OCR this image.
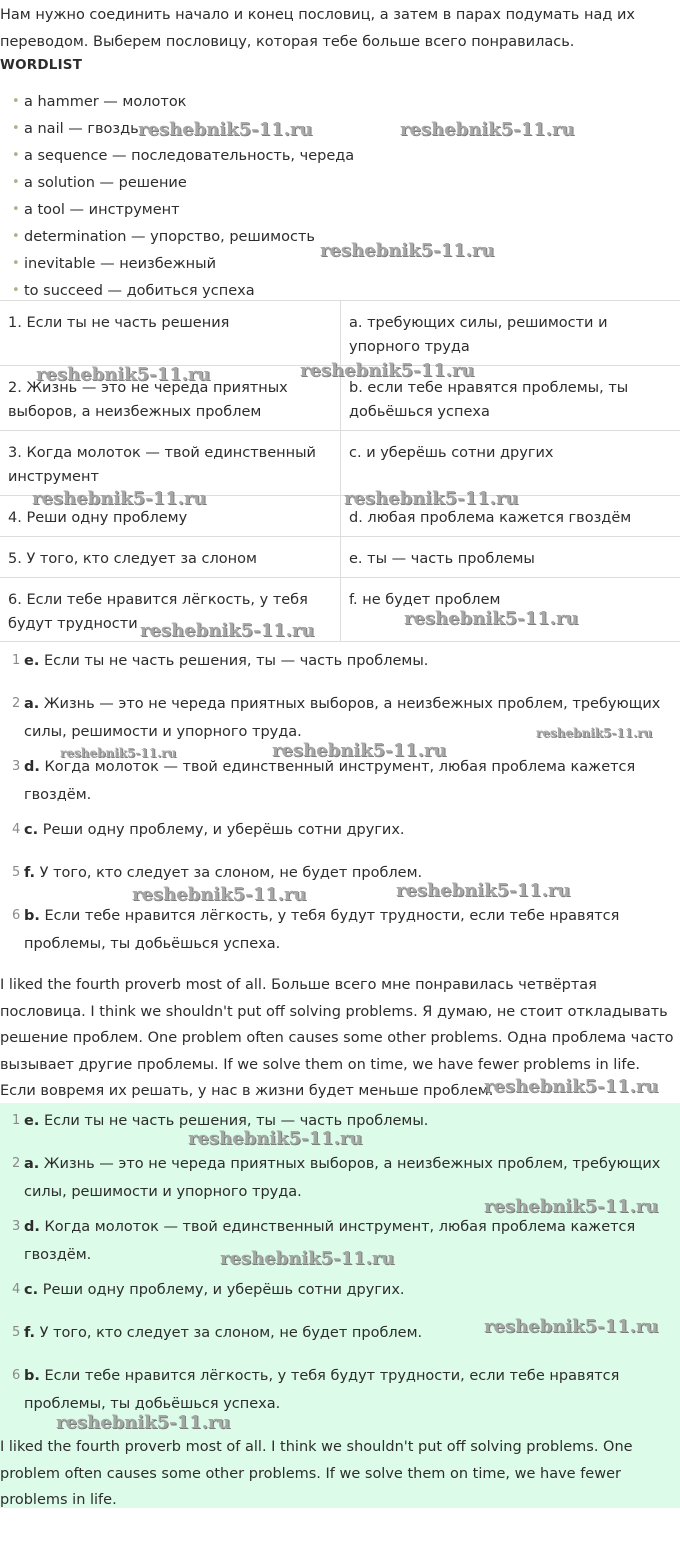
Нам нужно соединить начало и конец пословиц, а затем в парах подумать над их переводом. Выберем пословицу, которая тебе больше всего понравилась.

WORDLIST

• a hammer — молоток
• a nail — гвоздь
• a sequence — последовательность, череда
• a solution — решение
• a tool — инструмент
• determination — упорство, решимость
• inevitable — неизбежный
• to succeed — добиться успеха
1. Если ты не часть решения	a. требующих силы, решимости и упорного труда
2. Жизнь — это не череда приятных выборов, а неизбежных проблем	b. если тебе нравятся проблемы, ты добьёшься успеха
3. Когда молоток — твой единственный инструмент	c. и уберёшь сотни других
4. Реши одну проблему	d. любая проблема кажется гвоздём
5. У того, кто следует за слоном	e. ты — часть проблемы
6. Если тебе нравится лёгкость, у тебя будут трудности	f. не будет проблем
1 e. Если ты не часть решения, ты — часть проблемы.
2 a. Жизнь — это не череда приятных выборов, а неизбежных проблем, требующих силы, решимости и упорного труда.
3 d. Когда молоток — твой единственный инструмент, любая проблема кажется гвоздём.
4 c. Реши одну проблему, и уберёшь сотни других.
5 f. У того, кто следует за слоном, не будет проблем.
6 b. Если тебе нравится лёгкость, у тебя будут трудности, если тебе нравятся проблемы, ты добьёшься успеха.

I liked the fourth proverb most of all. Больше всего мне понравилась четвёртая пословица. I think we shouldn't put off solving problems. Я думаю, не стоит откладывать решение проблем. One problem often causes some other problems. Одна проблема часто вызывает другие проблемы. If we solve them on time, we have fewer problems in life. Если вовремя их решать, у нас в жизни будет меньше проблем.

1 e. Если ты не часть решения, ты — часть проблемы.
2 a. Жизнь — это не череда приятных выборов, а неизбежных проблем, требующих силы, решимости и упорного труда.
3 d. Когда молоток — твой единственный инструмент, любая проблема кажется гвоздём.
4 c. Реши одну проблему, и уберёшь сотни других.
5 f. У того, кто следует за слоном, не будет проблем.
6 b. Если тебе нравится лёгкость, у тебя будут трудности, если тебе нравятся проблемы, ты добьёшься успеха.

I liked the fourth proverb most of all. I think we shouldn't put off solving problems. One problem often causes some other problems. If we solve them on time, we have fewer problems in life.

reshebnik5-11.ru	reshebnik5-11.ru
reshebnik5-11.ru
reshebnik5-11.ru	reshebnik5-11.ru
reshebnik5-11.ru	reshebnik5-11.ru
reshebnik5-11.ru
reshebnik5-11.ru
reshebnik5-11.ru	reshebnik5-11.ru
reshebnik5-11.ru
reshebnik5-11.ru	reshebnik5-11.ru
reshebnik5-11.ru
reshebnik5-11.ru
reshebnik5-11.ru
reshebnik5-11.ru
reshebnik5-11.ru
reshebnik5-11.ru
